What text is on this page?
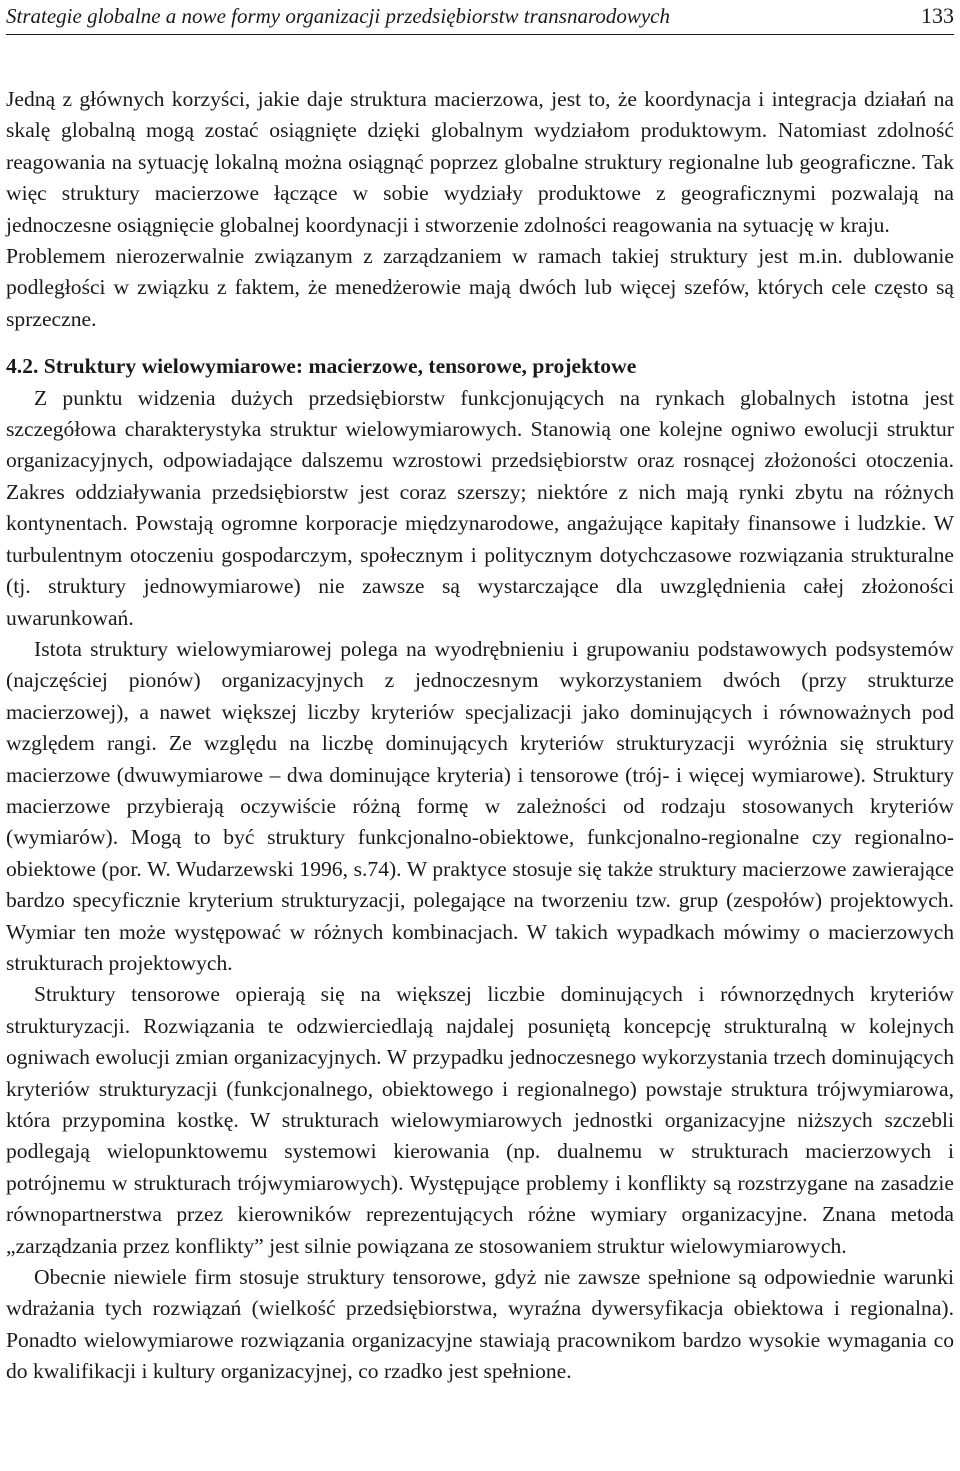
Strategie globalne a nowe formy organizacji przedsiębiorstw transnarodowych	133

Jedną z głównych korzyści, jakie daje struktura macierzowa, jest to, że koordynacja i integracja działań na skalę globalną mogą zostać osiągnięte dzięki globalnym wydziałom produktowym. Natomiast zdolność reagowania na sytuację lokalną można osiągnąć poprzez globalne struktury regionalne lub geograficzne. Tak więc struktury macierzowe łączące w sobie wydziały produktowe z geograficznymi pozwalają na jednoczesne osiągnięcie globalnej koordynacji i stworzenie zdolności reagowania na sytuację w kraju.

Problemem nierozerwalnie związanym z zarządzaniem w ramach takiej struktury jest m.in. dublowanie podległości w związku z faktem, że menedżerowie mają dwóch lub więcej szefów, których cele często są sprzeczne.

4.2. Struktury wielowymiarowe: macierzowe, tensorowe, projektowe

Z punktu widzenia dużych przedsiębiorstw funkcjonujących na rynkach globalnych istotna jest szczegółowa charakterystyka struktur wielowymiarowych. Stanowią one kolejne ogniwo ewolucji struktur organizacyjnych, odpowiadające dalszemu wzrostowi przedsiębiorstw oraz rosnącej złożoności otoczenia. Zakres oddziaływania przedsiębiorstw jest coraz szerszy; niektóre z nich mają rynki zbytu na różnych kontynentach. Powstają ogromne korporacje międzynarodowe, angażujące kapitały finansowe i ludzkie. W turbulentnym otoczeniu gospodarczym, społecznym i politycznym dotychczasowe rozwiązania strukturalne (tj. struktury jednowymiarowe) nie zawsze są wystarczające dla uwzględnienia całej złożoności uwarunkowań.

Istota struktury wielowymiarowej polega na wyodrębnieniu i grupowaniu podstawowych podsystemów (najczęściej pionów) organizacyjnych z jednoczesnym wykorzystaniem dwóch (przy strukturze macierzowej), a nawet większej liczby kryteriów specjalizacji jako dominujących i równoważnych pod względem rangi. Ze względu na liczbę dominujących kryteriów strukturyzacji wyróżnia się struktury macierzowe (dwuwymiarowe – dwa dominujące kryteria) i tensorowe (trój- i więcej wymiarowe). Struktury macierzowe przybierają oczywiście różną formę w zależności od rodzaju stosowanych kryteriów (wymiarów). Mogą to być struktury funkcjonalno-obiektowe, funkcjonalno-regionalne czy regionalno-obiektowe (por. W. Wudarzewski 1996, s.74). W praktyce stosuje się także struktury macierzowe zawierające bardzo specyficznie kryterium strukturyzacji, polegające na tworzeniu tzw. grup (zespołów) projektowych. Wymiar ten może występować w różnych kombinacjach. W takich wypadkach mówimy o macierzowych strukturach projektowych.

Struktury tensorowe opierają się na większej liczbie dominujących i równorzędnych kryteriów strukturyzacji. Rozwiązania te odzwierciedlają najdalej posuniętą koncepcję strukturalną w kolejnych ogniwach ewolucji zmian organizacyjnych. W przypadku jednoczesnego wykorzystania trzech dominujących kryteriów strukturyzacji (funkcjonalnego, obiektowego i regionalnego) powstaje struktura trójwymiarowa, która przypomina kostkę. W strukturach wielowymiarowych jednostki organizacyjne niższych szczebli podlegają wielopunktowemu systemowi kierowania (np. dualnemu w strukturach macierzowych i potrójnemu w strukturach trójwymiarowych). Występujące problemy i konflikty są rozstrzygane na zasadzie równopartnerstwa przez kierowników reprezentujących różne wymiary organizacyjne. Znana metoda „zarządzania przez konflikty” jest silnie powiązana ze stosowaniem struktur wielowymiarowych.

Obecnie niewiele firm stosuje struktury tensorowe, gdyż nie zawsze spełnione są odpowiednie warunki wdrażania tych rozwiązań (wielkość przedsiębiorstwa, wyraźna dywersyfikacja obiektowa i regionalna). Ponadto wielowymiarowe rozwiązania organizacyjne stawiają pracownikom bardzo wysokie wymagania co do kwalifikacji i kultury organizacyjnej, co rzadko jest spełnione.
